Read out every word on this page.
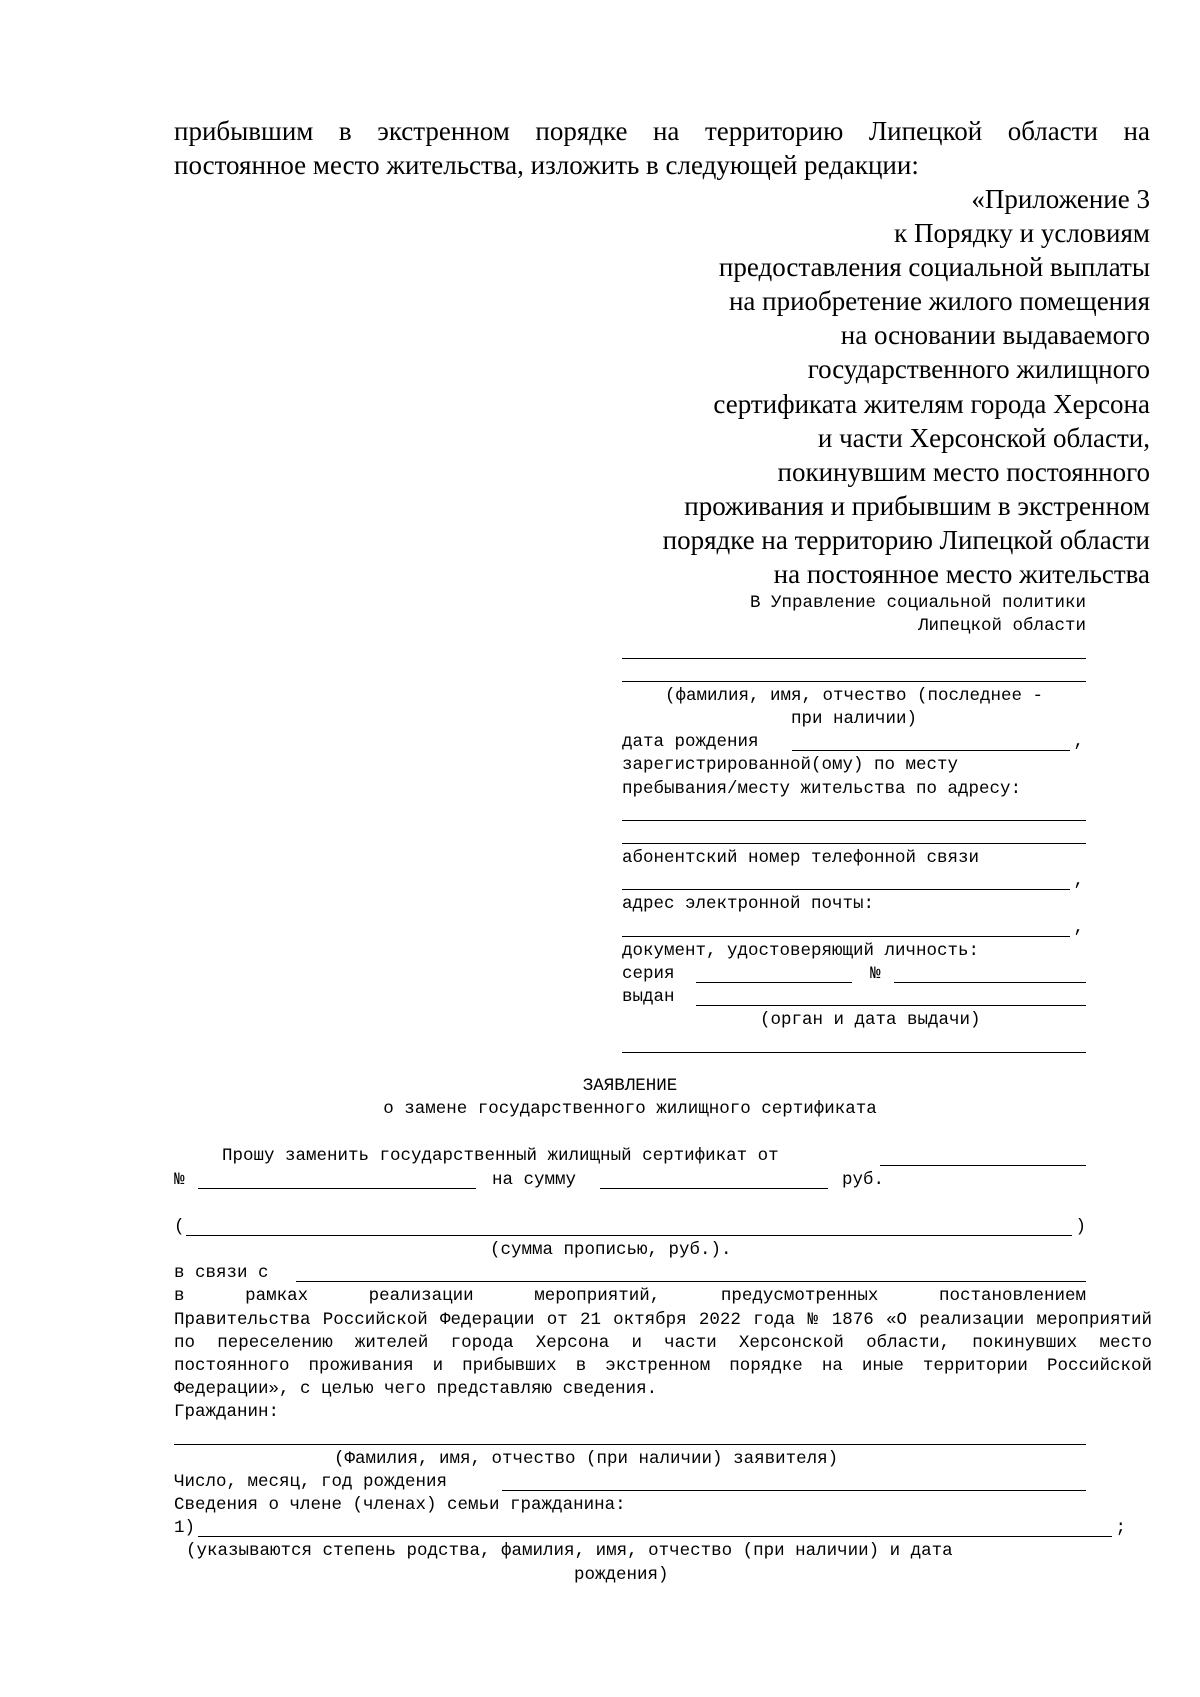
прибывшим в экстренном порядке на территорию Липецкой области на

постоянное место жительства, изложить в следующей редакции:

«Приложение 3
к Порядку и условиям
предоставления социальной выплаты
на приобретение жилого помещения
на основании выдаваемого
государственного жилищного
сертификата жителям города Херсона
и части Херсонской области,
покинувшим место постоянного
проживания и прибывшим в экстренном
порядке на территорию Липецкой области
на постоянное место жительства
В Управление социальной политики
Липецкой области
(фамилия, имя, отчество (последнее -
при наличии)
дата рождения	,
зарегистрированной(ому) по месту
пребывания/месту жительства по адресу:
абонентский номер телефонной связи
,
адрес электронной почты:
,
документ, удостоверяющий личность:
серия	№
выдан
(орган и дата выдачи)
ЗАЯВЛЕНИЕ
о замене государственного жилищного сертификата
Прошу заменить государственный жилищный сертификат от
№	на сумму	руб.
(	)
(сумма прописью, руб.).
в связи с
в	рамках	реализации	мероприятий,	предусмотренных	постановлением
Правительства Российской Федерации от 21 октября 2022 года № 1876 «О реализации мероприятий по переселению жителей города Херсона и части Херсонской области, покинувших место постоянного проживания и прибывших в экстренном порядке на иные территории Российской Федерации», с целью чего представляю сведения.
Гражданин:
(Фамилия, имя, отчество (при наличии) заявителя)
Число, месяц, год рождения
Сведения о члене (членах) семьи гражданина:
1)	;
(указываются степень родства, фамилия, имя, отчество (при наличии) и дата
рождения)
